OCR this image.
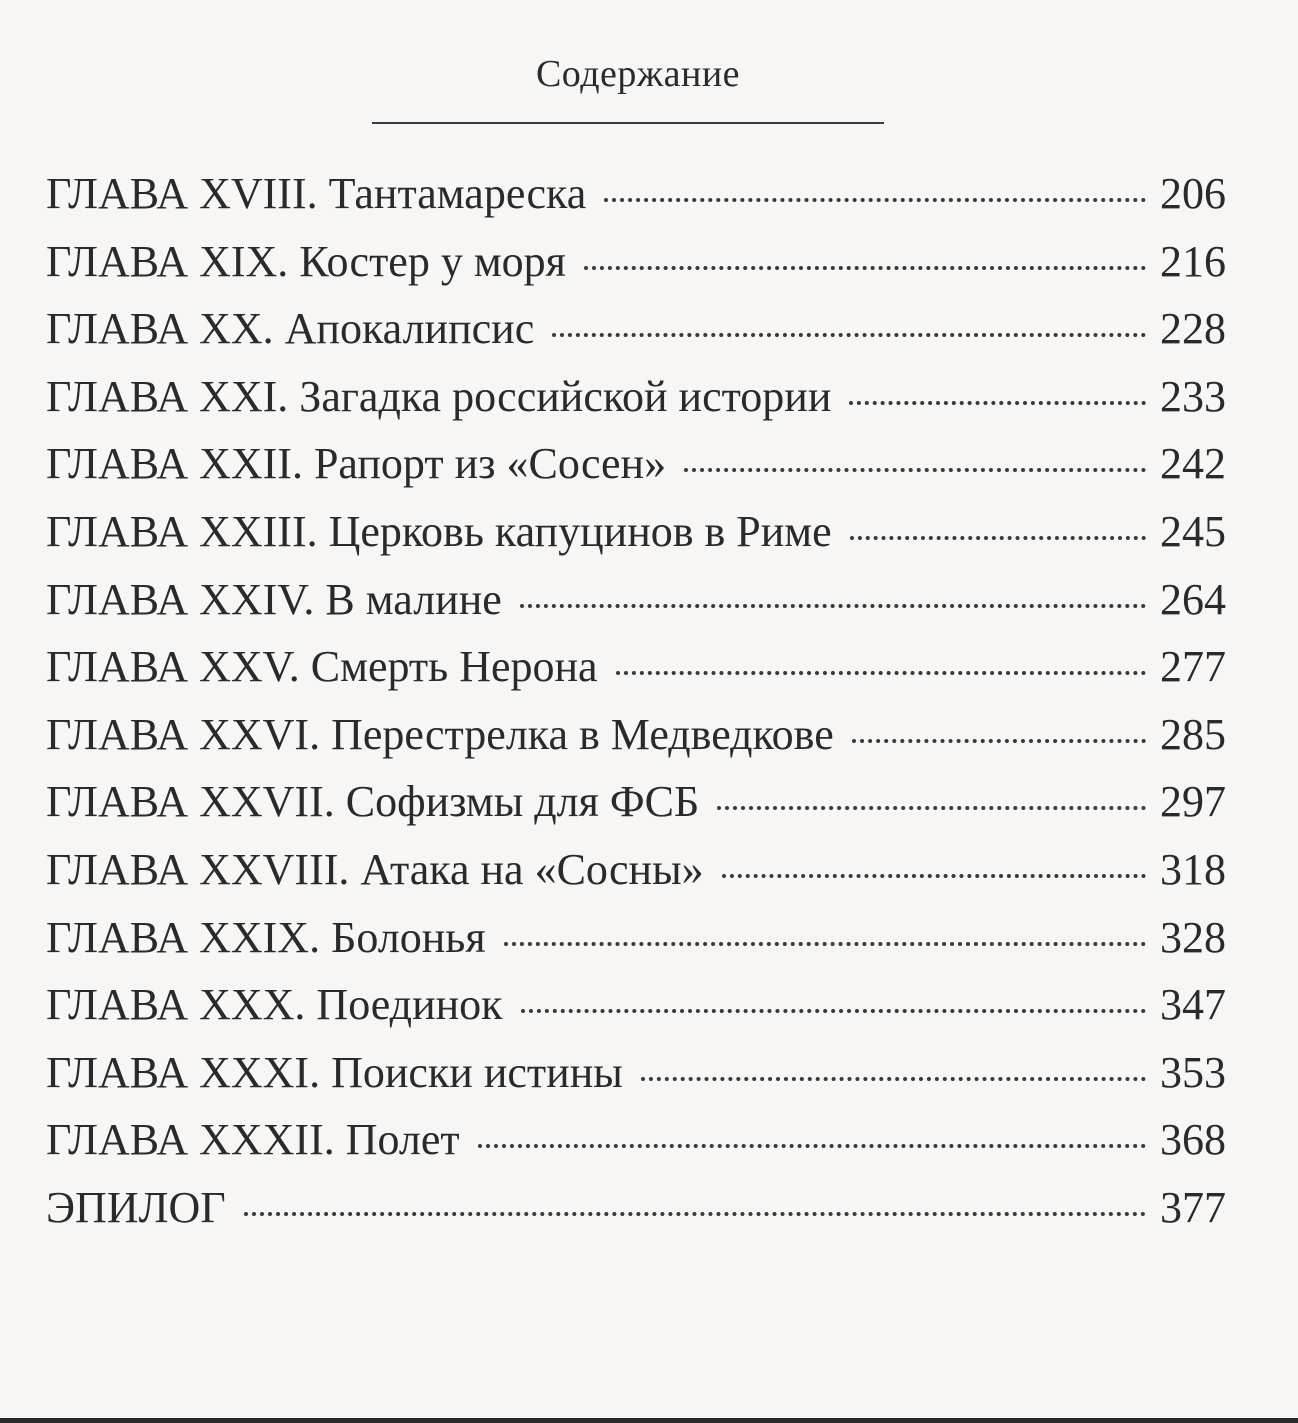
Содержание
ГЛАВА XVIII. Тантамареска	206
ГЛАВА XIX. Костер у моря	216
ГЛАВА XX. Апокалипсис	228
ГЛАВА XXI. Загадка российской истории	233
ГЛАВА XXII. Рапорт из «Сосен»	242
ГЛАВА XXIII. Церковь капуцинов в Риме	245
ГЛАВА XXIV. В малине	264
ГЛАВА XXV. Смерть Нерона	277
ГЛАВА XXVI. Перестрелка в Медведкове	285
ГЛАВА XXVII. Софизмы для ФСБ	297
ГЛАВА XXVIII. Атака на «Сосны»	318
ГЛАВА XXIX. Болонья	328
ГЛАВА XXX. Поединок	347
ГЛАВА XXXI. Поиски истины	353
ГЛАВА XXXII. Полет	368
ЭПИЛОГ	377
